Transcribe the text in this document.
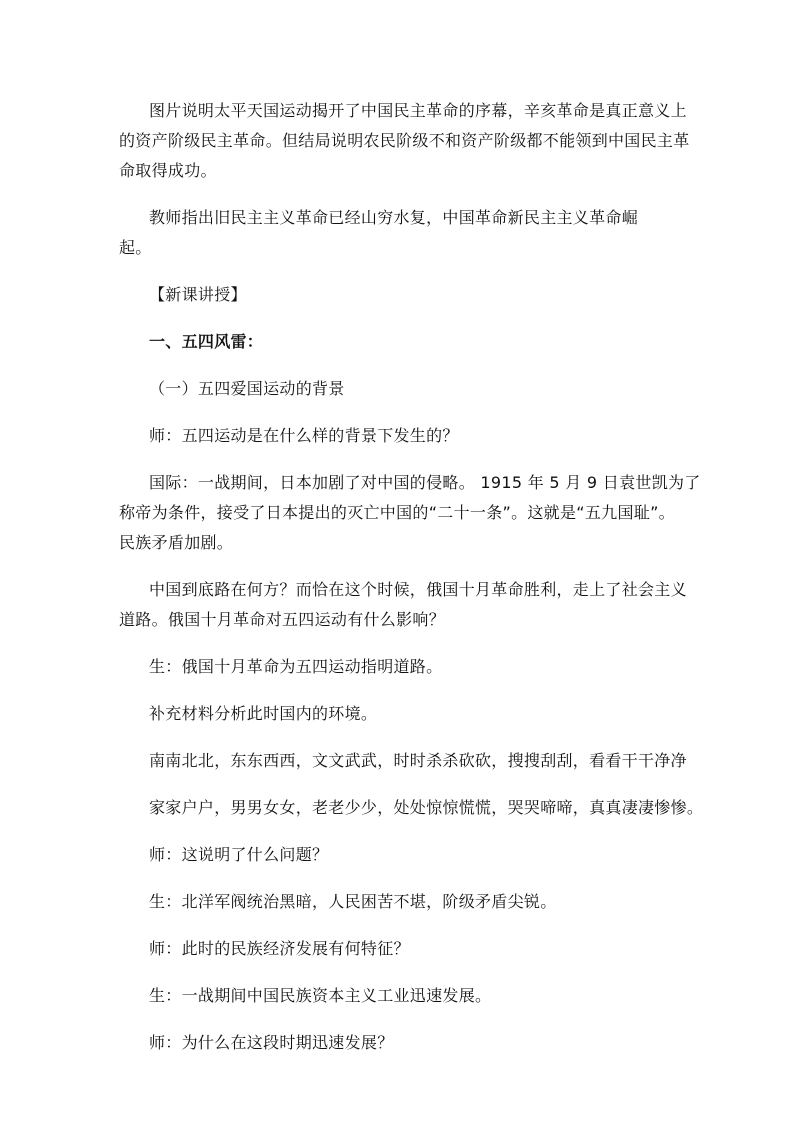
图片说明太平天国运动揭开了中国民主革命的序幕，辛亥革命是真正意义上
的资产阶级民主革命。但结局说明农民阶级不和资产阶级都不能领到中国民主革
命取得成功。

教师指出旧民主主义革命已经山穷水复，中国革命新民主主义革命崛起。

【新课讲授】

一、五四风雷：

（一）五四爱国运动的背景

师：五四运动是在什么样的背景下发生的？

国际：一战期间，日本加剧了对中国的侵略。 1915 年 5 月 9 日袁世凯为了
称帝为条件，接受了日本提出的灭亡中国的“二十一条”。这就是“五九国耻”。
民族矛盾加剧。
中国到底路在何方？而恰在这个时候，俄国十月革命胜利，走上了社会主义
道路。俄国十月革命对五四运动有什么影响？

生：俄国十月革命为五四运动指明道路。

补充材料分析此时国内的环境。

南南北北，东东西西，文文武武，时时杀杀砍砍，搜搜刮刮，看看干干净净

家家户户，男男女女，老老少少，处处惊惊慌慌，哭哭啼啼，真真凄凄惨惨。

师：这说明了什么问题？

生：北洋军阀统治黑暗，人民困苦不堪，阶级矛盾尖锐。

师：此时的民族经济发展有何特征？

生：一战期间中国民族资本主义工业迅速发展。

师：为什么在这段时期迅速发展？
